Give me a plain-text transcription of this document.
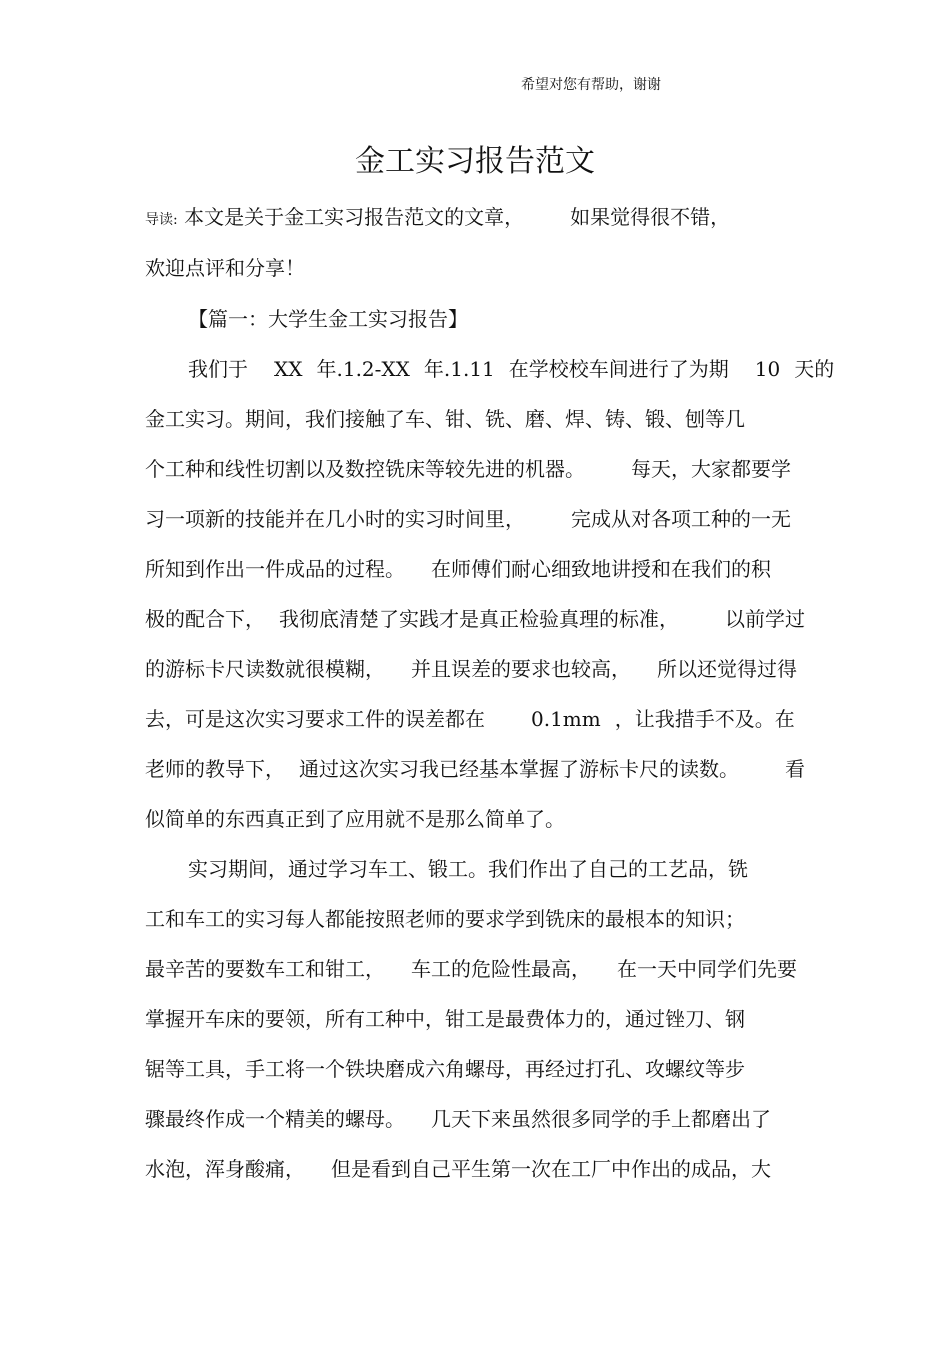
希望对您有帮助，谢谢
金工实习报告范文
导读: 本文是关于金工实习报告范文的文章， 如果觉得很不错，
欢迎点评和分享！
【篇一：大学生金工实习报告】
我们于 XX 年.1.2-XX 年.1.11 在学校校车间进行了为期 10 天的
金工实习。期间，我们接触了车、钳、铣、磨、焊、铸、锻、刨等几
个工种和线性切割以及数控铣床等较先进的机器。 每天，大家都要学
习一项新的技能并在几小时的实习时间里， 完成从对各项工种的一无
所知到作出一件成品的过程。 在师傅们耐心细致地讲授和在我们的积
极的配合下， 我彻底清楚了实践才是真正检验真理的标准， 以前学过
的游标卡尺读数就很模糊， 并且误差的要求也较高， 所以还觉得过得
去，可是这次实习要求工件的误差都在 0.1mm ，让我措手不及。在
老师的教导下， 通过这次实习我已经基本掌握了游标卡尺的读数。 看
似简单的东西真正到了应用就不是那么简单了。
实习期间，通过学习车工、锻工。我们作出了自己的工艺品，铣
工和车工的实习每人都能按照老师的要求学到铣床的最根本的知识；
最辛苦的要数车工和钳工， 车工的危险性最高， 在一天中同学们先要
掌握开车床的要领，所有工种中，钳工是最费体力的，通过锉刀、钢
锯等工具，手工将一个铁块磨成六角螺母，再经过打孔、攻螺纹等步
骤最终作成一个精美的螺母。 几天下来虽然很多同学的手上都磨出了
水泡，浑身酸痛， 但是看到自己平生第一次在工厂中作出的成品，大
